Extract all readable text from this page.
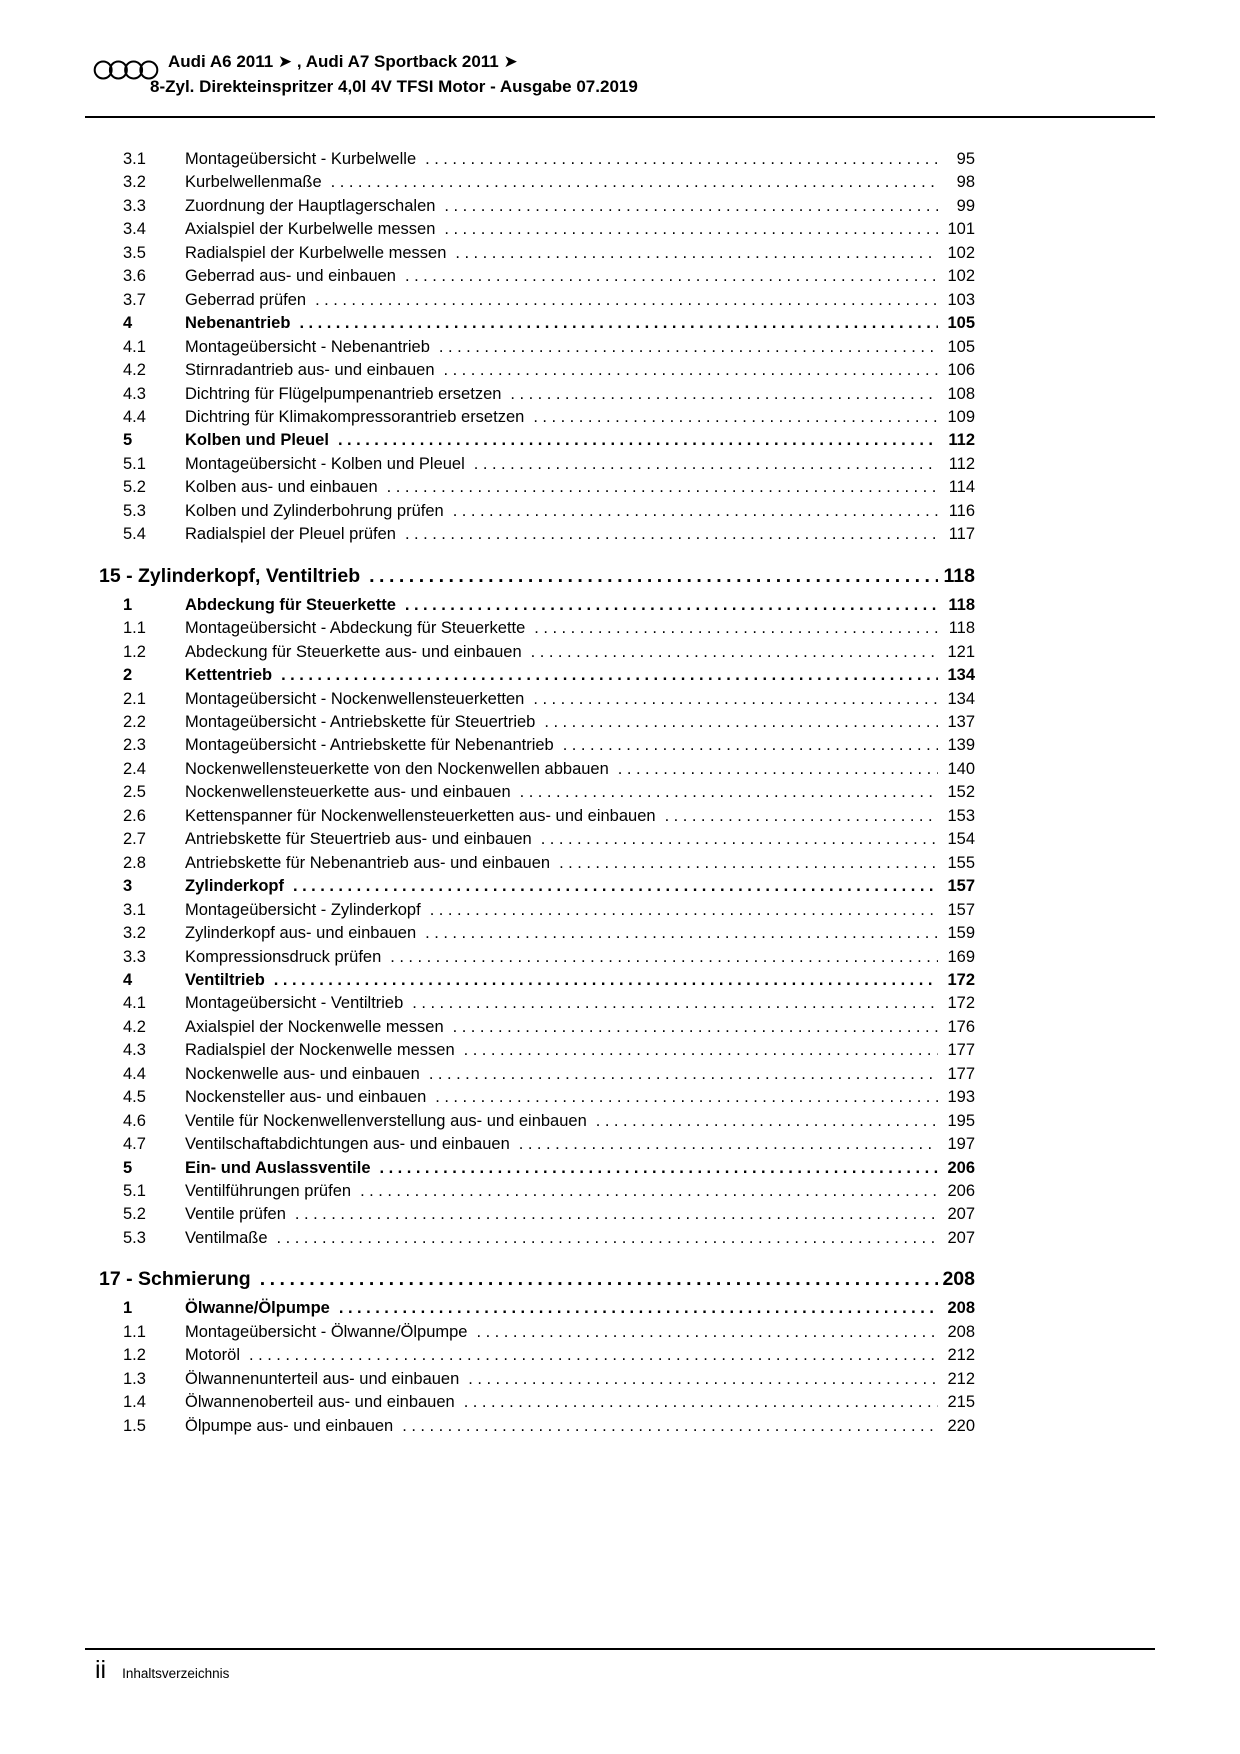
Audi A6 2011 ➤ , Audi A7 Sportback 2011 ➤
8-Zyl. Direkteinspritzer 4,0l 4V TFSI Motor - Ausgabe 07.2019
3.1	Montageübersicht - Kurbelwelle .....	95
3.2	Kurbelwellenmaße .....	98
3.3	Zuordnung der Hauptlagerschalen .....	99
3.4	Axialspiel der Kurbelwelle messen .....	101
3.5	Radialspiel der Kurbelwelle messen .....	102
3.6	Geberrad aus- und einbauen .....	102
3.7	Geberrad prüfen .....	103
4	Nebenantrieb .....	105
4.1	Montageübersicht - Nebenantrieb .....	105
4.2	Stirnradantrieb aus- und einbauen .....	106
4.3	Dichtring für Flügelpumpenantrieb ersetzen .....	108
4.4	Dichtring für Klimakompressorantrieb ersetzen .....	109
5	Kolben und Pleuel .....	112
5.1	Montageübersicht - Kolben und Pleuel .....	112
5.2	Kolben aus- und einbauen .....	114
5.3	Kolben und Zylinderbohrung prüfen .....	116
5.4	Radialspiel der Pleuel prüfen .....	117
15 - Zylinderkopf, Ventiltrieb .....	118
1	Abdeckung für Steuerkette .....	118
1.1	Montageübersicht - Abdeckung für Steuerkette .....	118
1.2	Abdeckung für Steuerkette aus- und einbauen .....	121
2	Kettentrieb .....	134
2.1	Montageübersicht - Nockenwellensteuerketten .....	134
2.2	Montageübersicht - Antriebskette für Steuertrieb .....	137
2.3	Montageübersicht - Antriebskette für Nebenantrieb .....	139
2.4	Nockenwellensteuerkette von den Nockenwellen abbauen .....	140
2.5	Nockenwellensteuerkette aus- und einbauen .....	152
2.6	Kettenspanner für Nockenwellensteuerketten aus- und einbauen .....	153
2.7	Antriebskette für Steuertrieb aus- und einbauen .....	154
2.8	Antriebskette für Nebenantrieb aus- und einbauen .....	155
3	Zylinderkopf .....	157
3.1	Montageübersicht - Zylinderkopf .....	157
3.2	Zylinderkopf aus- und einbauen .....	159
3.3	Kompressionsdruck prüfen .....	169
4	Ventiltrieb .....	172
4.1	Montageübersicht - Ventiltrieb .....	172
4.2	Axialspiel der Nockenwelle messen .....	176
4.3	Radialspiel der Nockenwelle messen .....	177
4.4	Nockenwelle aus- und einbauen .....	177
4.5	Nockensteller aus- und einbauen .....	193
4.6	Ventile für Nockenwellenverstellung aus- und einbauen .....	195
4.7	Ventilschaftabdichtungen aus- und einbauen .....	197
5	Ein- und Auslassventile .....	206
5.1	Ventilführungen prüfen .....	206
5.2	Ventile prüfen .....	207
5.3	Ventilmaße .....	207
17 - Schmierung .....	208
1	Ölwanne/Ölpumpe .....	208
1.1	Montageübersicht - Ölwanne/Ölpumpe .....	208
1.2	Motoröl .....	212
1.3	Ölwannenunterteil aus- und einbauen .....	212
1.4	Ölwannenoberteil aus- und einbauen .....	215
1.5	Ölpumpe aus- und einbauen .....	220
ii Inhaltsverzeichnis
